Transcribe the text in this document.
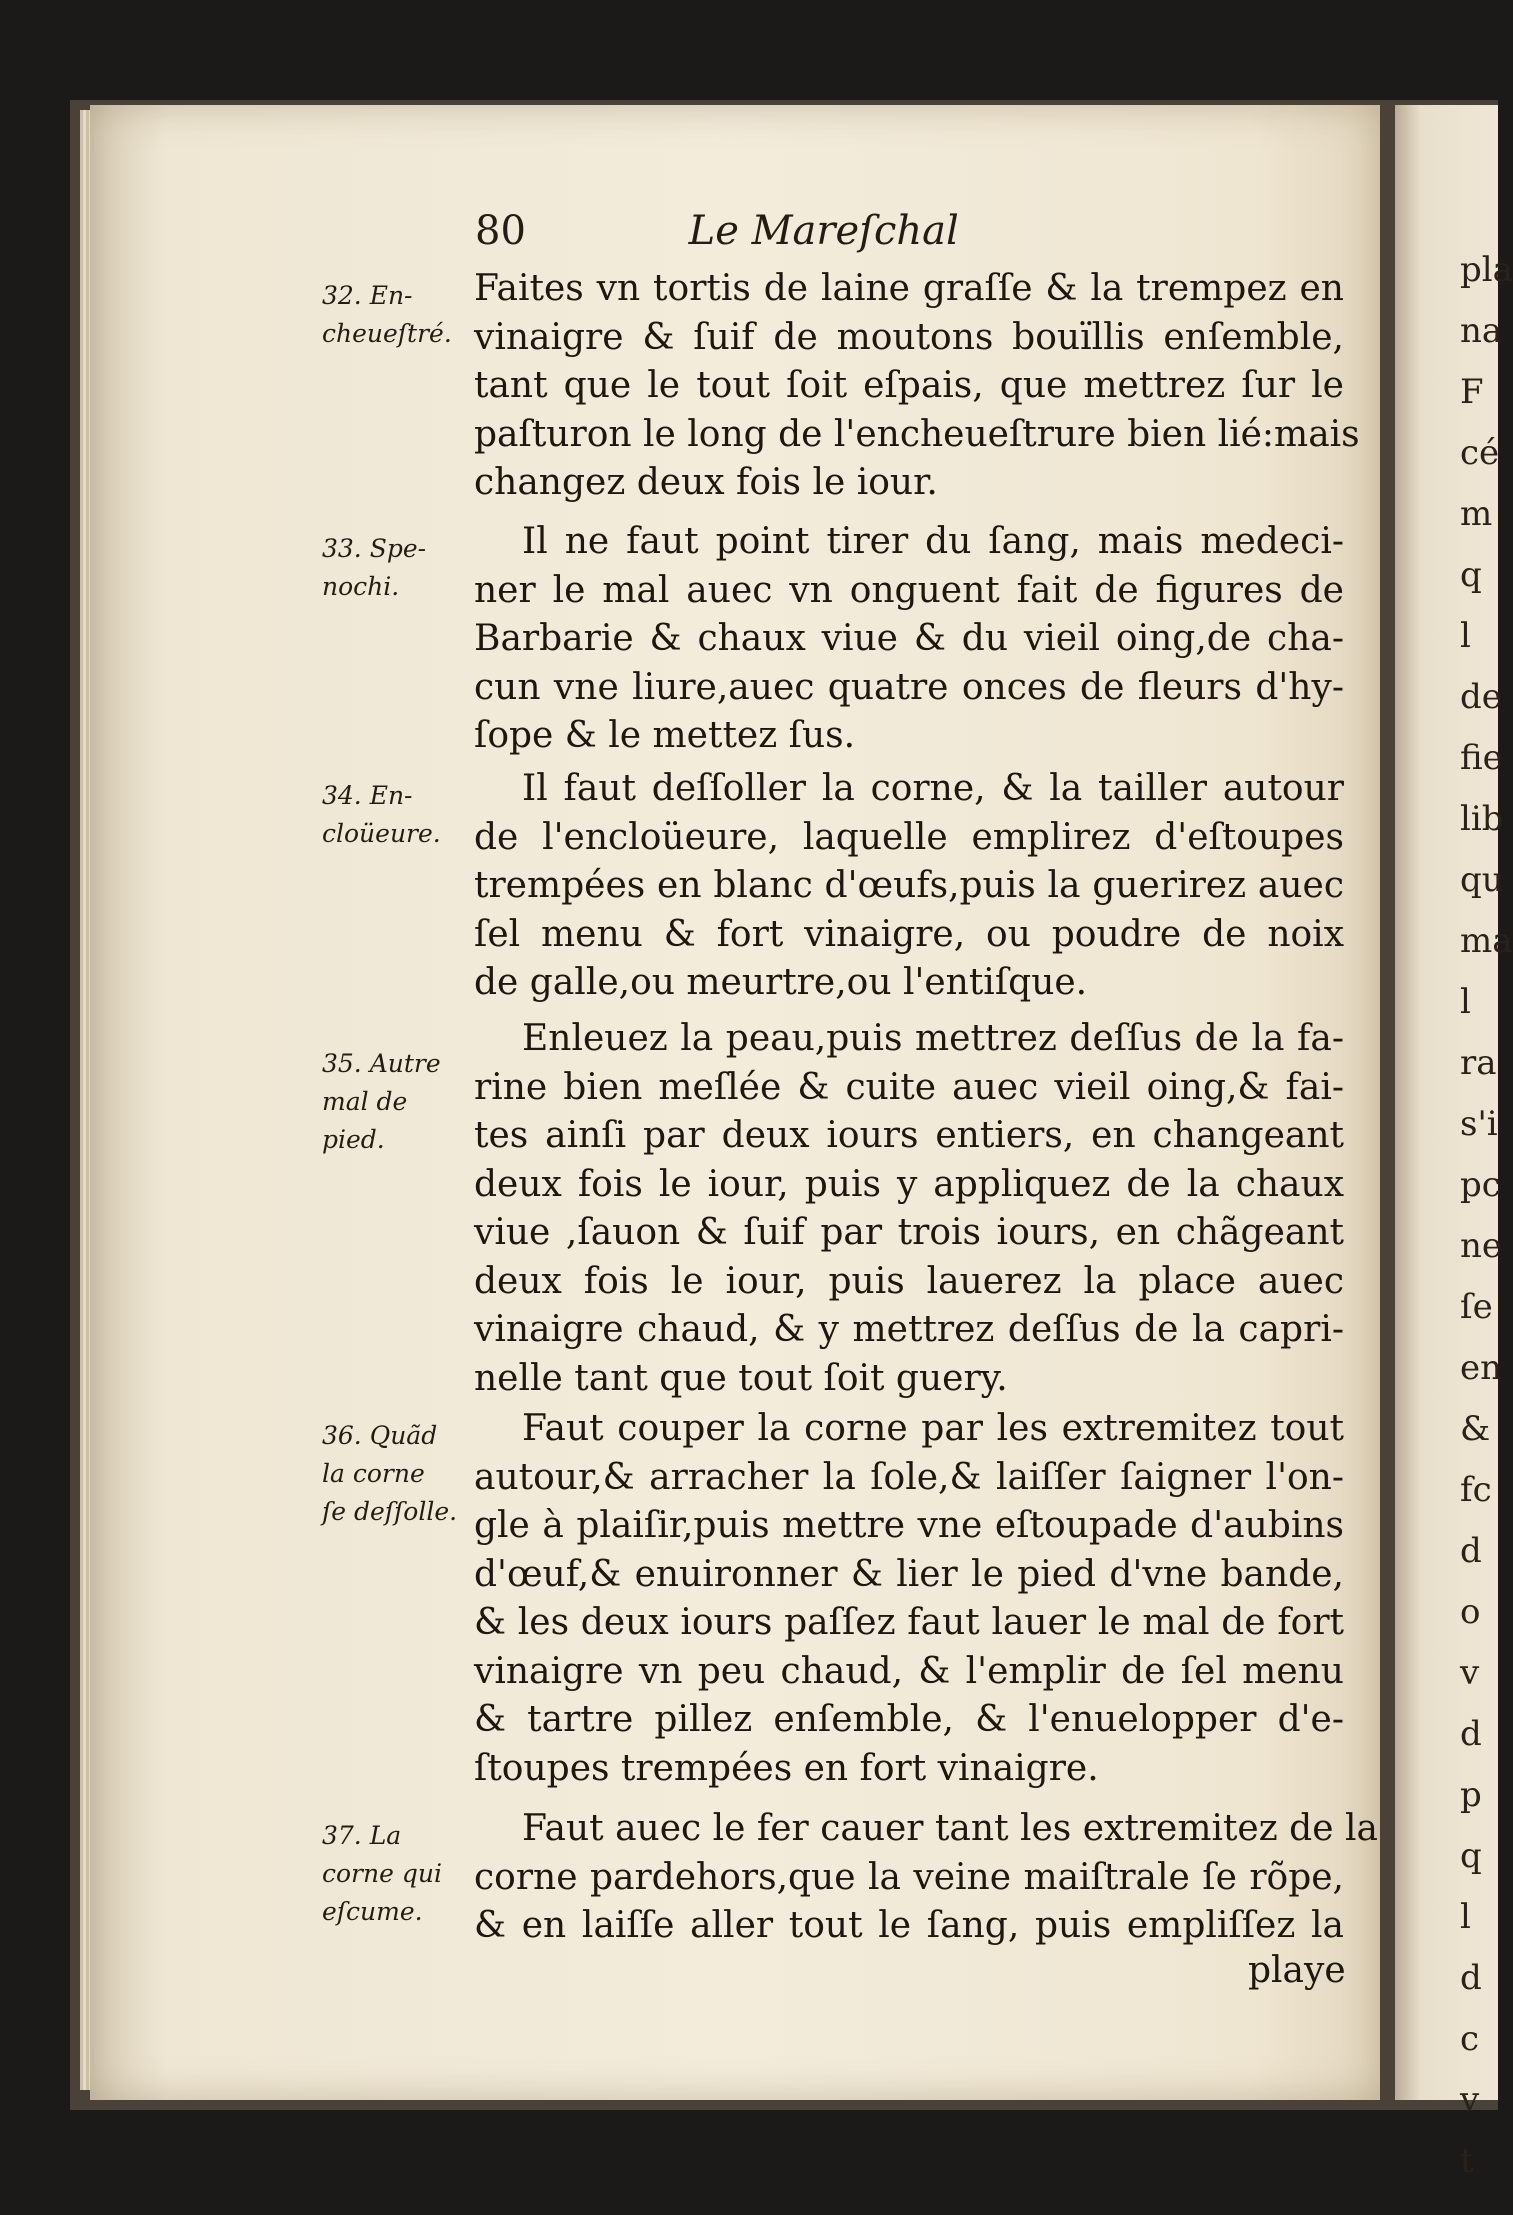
pla
na
F
cé
m
q
l
de
fie
lib
qu
ma
l
ra
s'i
pc
ne
ſe
en
&
fc
d
o
v
d
p
q
l
d
c
v
t
80	Le Mareſchal
32. En-
cheueſtré.
Faites vn tortis de laine graſſe & la trempez en
vinaigre & ſuif de moutons bouïllis enſemble,
tant que le tout ſoit eſpais, que mettrez ſur le
paſturon le long de l'encheueſtrure bien lié:mais
changez deux fois le iour.
33. Spe-
nochi.
Il ne faut point tirer du ſang, mais medeci-
ner le mal auec vn onguent fait de figures de
Barbarie & chaux viue & du vieil oing,de cha-
cun vne liure,auec quatre onces de fleurs d'hy-
ſope & le mettez ſus.
34. En-
cloüeure.
Il faut deſſoller la corne, & la tailler autour
de l'encloüeure, laquelle emplirez d'eſtoupes
trempées en blanc d'œufs,puis la guerirez auec
ſel menu & fort vinaigre, ou poudre de noix
de galle,ou meurtre,ou l'entiſque.
35. Autre
mal de
pied.
Enleuez la peau,puis mettrez deſſus de la fa-
rine bien meſlée & cuite auec vieil oing,& fai-
tes ainſi par deux iours entiers, en changeant
deux fois le iour, puis y appliquez de la chaux
viue ,ſauon & ſuif par trois iours, en chãgeant
deux fois le iour, puis lauerez la place auec
vinaigre chaud, & y mettrez deſſus de la capri-
nelle tant que tout ſoit guery.
36. Quãd
la corne
ſe deſſolle.
Faut couper la corne par les extremitez tout
autour,& arracher la ſole,& laiſſer ſaigner l'on-
gle à plaiſir,puis mettre vne eſtoupade d'aubins
d'œuf,& enuironner & lier le pied d'vne bande,
& les deux iours paſſez faut lauer le mal de fort
vinaigre vn peu chaud, & l'emplir de ſel menu
& tartre pillez enſemble, & l'enuelopper d'e-
ſtoupes trempées en fort vinaigre.
37. La
corne qui
eſcume.
Faut auec le fer cauer tant les extremitez de la
corne pardehors,que la veine maiſtrale ſe rõpe,
& en laiſſe aller tout le ſang, puis empliſſez la
playe
